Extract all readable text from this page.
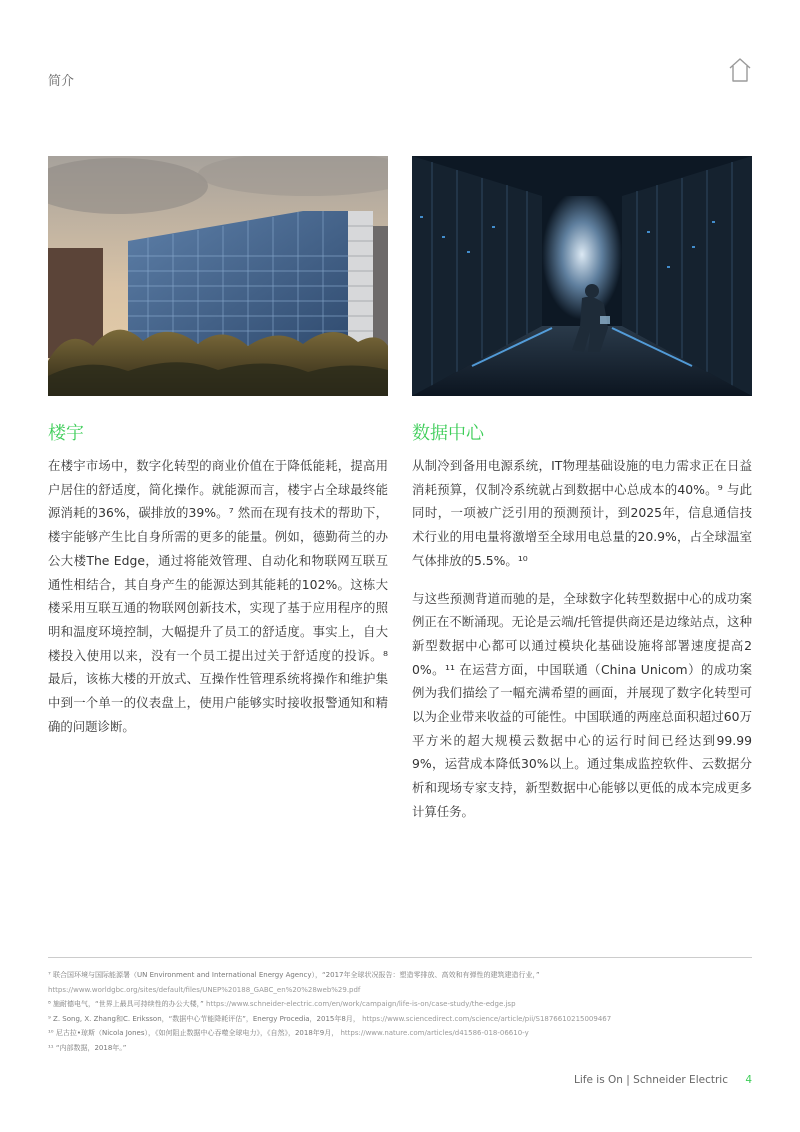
简介
楼宇

在楼宇市场中，数字化转型的商业价值在于降低能耗，提高用户居住的舒适度，简化操作。就能源而言，楼宇占全球最终能源消耗的36%，碳排放的39%。⁷ 然而在现有技术的帮助下，楼宇能够产生比自身所需的更多的能量。例如，德勤荷兰的办公大楼The Edge，通过将能效管理、自动化和物联网互联互通性相结合，其自身产生的能源达到其能耗的102%。这栋大楼采用互联互通的物联网创新技术，实现了基于应用程序的照明和温度环境控制，大幅提升了员工的舒适度。事实上，自大楼投入使用以来，没有一个员工提出过关于舒适度的投诉。⁸ 最后，该栋大楼的开放式、互操作性管理系统将操作和维护集中到一个单一的仪表盘上，使用户能够实时接收报警通知和精确的问题诊断。

数据中心

从制冷到备用电源系统，IT物理基础设施的电力需求正在日益消耗预算，仅制冷系统就占到数据中心总成本的40%。⁹ 与此同时，一项被广泛引用的预测预计，到2025年，信息通信技术行业的用电量将激增至全球用电总量的20.9%，占全球温室气体排放的5.5%。¹⁰

与这些预测背道而驰的是，全球数字化转型数据中心的成功案例正在不断涌现。无论是云端/托管提供商还是边缘站点，这种新型数据中心都可以通过模块化基础设施将部署速度提高20%。¹¹ 在运营方面，中国联通（China Unicom）的成功案例为我们描绘了一幅充满希望的画面，并展现了数字化转型可以为企业带来收益的可能性。中国联通的两座总面积超过60万平方米的超大规模云数据中心的运行时间已经达到99.999%，运营成本降低30%以上。通过集成监控软件、云数据分析和现场专家支持，新型数据中心能够以更低的成本完成更多计算任务。

⁷ 联合国环境与国际能源署（UN Environment and International Energy Agency），“2017年全球状况报告：塑造零排放、高效和有弹性的建筑建造行业，”
https://www.worldgbc.org/sites/default/files/UNEP%20188_GABC_en%20%28web%29.pdf
⁸ 施耐德电气，“世界上最具可持续性的办公大楼，” https://www.schneider-electric.com/en/work/campaign/life-is-on/case-study/the-edge.jsp
⁹ Z. Song, X. Zhang和C. Eriksson，“数据中心节能降耗评估”，Energy Procedia，2015年8月， https://www.sciencedirect.com/science/article/pii/S1876610215009467
¹⁰ 尼古拉•琼斯（Nicola Jones），《如何阻止数据中心吞噬全球电力》，《自然》，2018年9月， https://www.nature.com/articles/d41586-018-06610-y
¹¹ “内部数据，2018年。”
Life is On | Schneider Electric 4
